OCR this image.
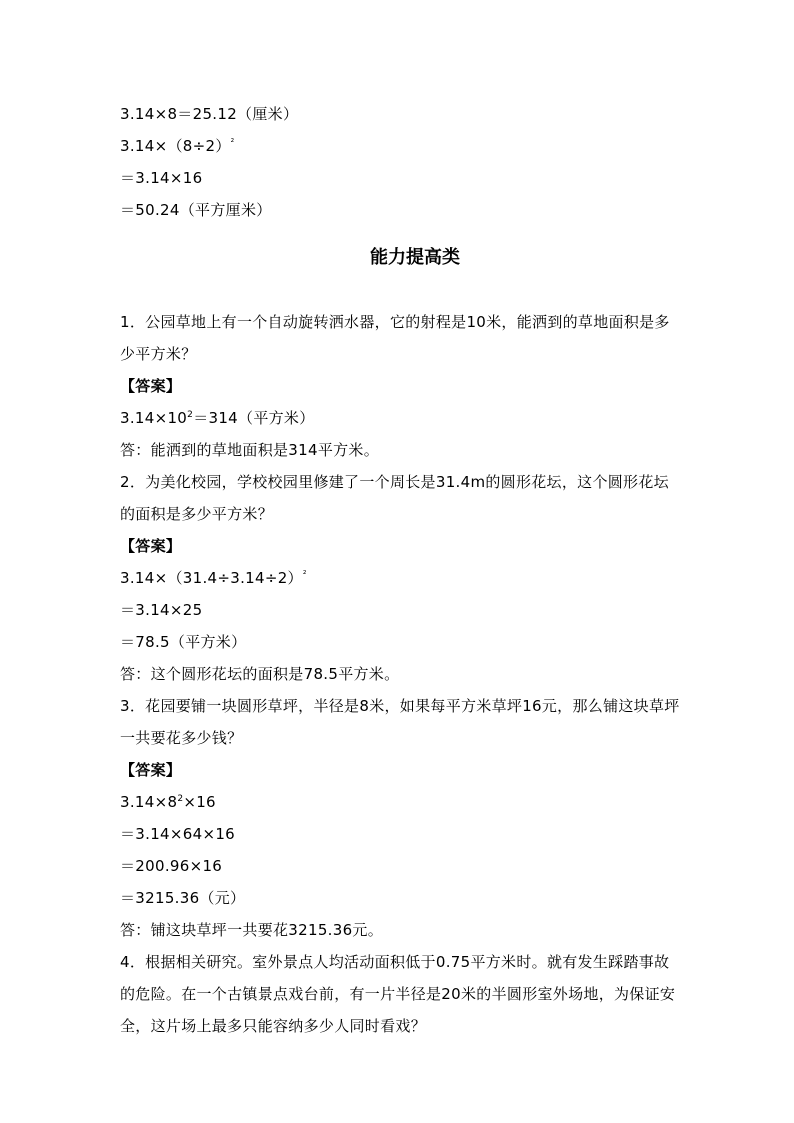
3.14×8＝25.12（厘米）
$3.14\times(8\div 2)^{^2}$
＝3.14×16
＝50.24（平方厘米）
能力提高类
1．公园草地上有一个自动旋转洒水器，它的射程是10米，能洒到的草地面积是多少平方米？
【答案】
$3.14\times 10^2=314$（平方米）
答：能洒到的草地面积是314平方米。
2．为美化校园，学校校园里修建了一个周长是31.4m的圆形花坛，这个圆形花坛的面积是多少平方米？
【答案】
$3.14\times(31.4\div 3.14\div 2)^{^2}$
＝3.14×25
＝78.5（平方米）
答：这个圆形花坛的面积是78.5平方米。
3．花园要铺一块圆形草坪，半径是8米，如果每平方米草坪16元，那么铺这块草坪一共要花多少钱？
【答案】
$3.14\times 8^2\times 16$
＝3.14×64×16
＝200.96×16
＝3215.36（元）
答：铺这块草坪一共要花3215.36元。
4．根据相关研究。室外景点人均活动面积低于0.75平方米时。就有发生踩踏事故的危险。在一个古镇景点戏台前，有一片半径是20米的半圆形室外场地，为保证安全，这片场上最多只能容纳多少人同时看戏？
